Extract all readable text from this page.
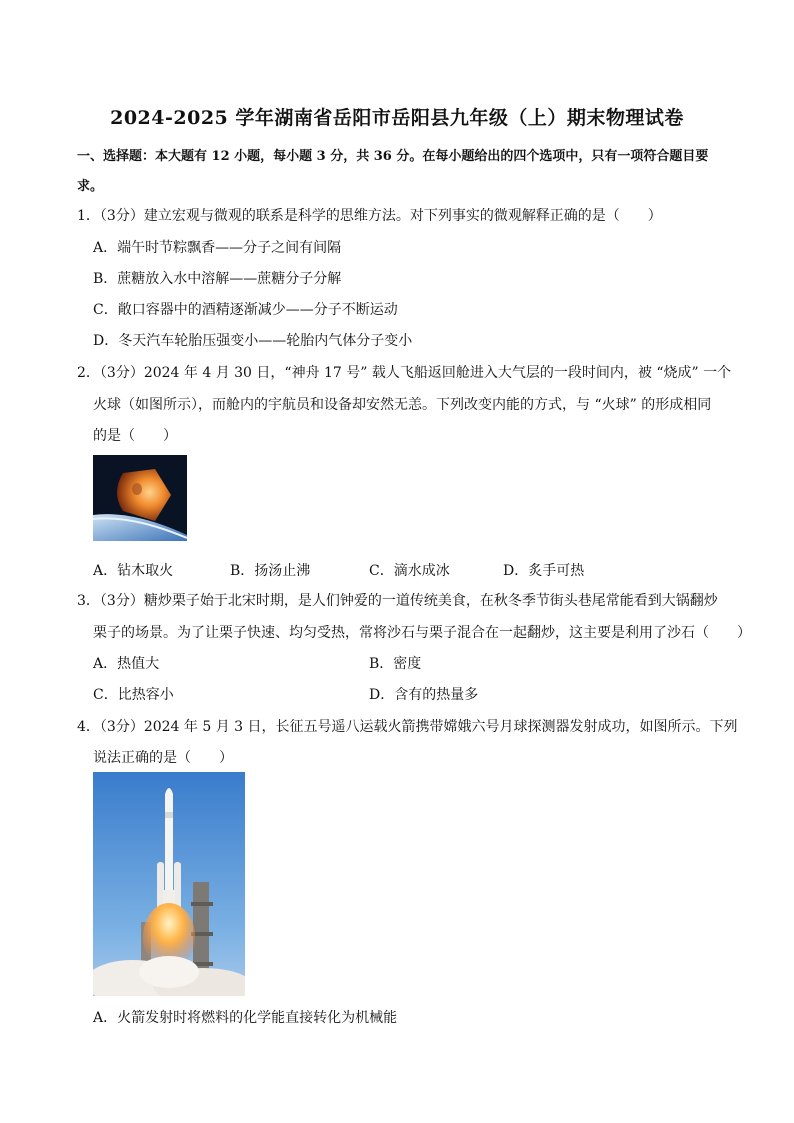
2024-2025 学年湖南省岳阳市岳阳县九年级（上）期末物理试卷
一、选择题：本大题有 12 小题，每小题 3 分，共 36 分。在每小题给出的四个选项中，只有一项符合题目要求。
1．（3分）建立宏观与微观的联系是科学的思维方法。对下列事实的微观解释正确的是（　　）
A．端午时节粽飘香——分子之间有间隔
B．蔗糖放入水中溶解——蔗糖分子分解
C．敞口容器中的酒精逐渐减少——分子不断运动
D．冬天汽车轮胎压强变小——轮胎内气体分子变小
2．（3分）2024 年 4 月 30 日，“神舟 17 号” 载人飞船返回舱进入大气层的一段时间内，被 “烧成” 一个
火球（如图所示），而舱内的宇航员和设备却安然无恙。下列改变内能的方式，与 “火球” 的形成相同
的是（　　）
A．钻木取火	B．扬汤止沸	C．滴水成冰	D．炙手可热
3．（3分）糖炒栗子始于北宋时期，是人们钟爱的一道传统美食，在秋冬季节街头巷尾常能看到大锅翻炒
栗子的场景。为了让栗子快速、均匀受热，常将沙石与栗子混合在一起翻炒，这主要是利用了沙石（　　）
A．热值大	B．密度
C．比热容小	D．含有的热量多
4．（3分）2024 年 5 月 3 日，长征五号遥八运载火箭携带嫦娥六号月球探测器发射成功，如图所示。下列
说法正确的是（　　）
A．火箭发射时将燃料的化学能直接转化为机械能
